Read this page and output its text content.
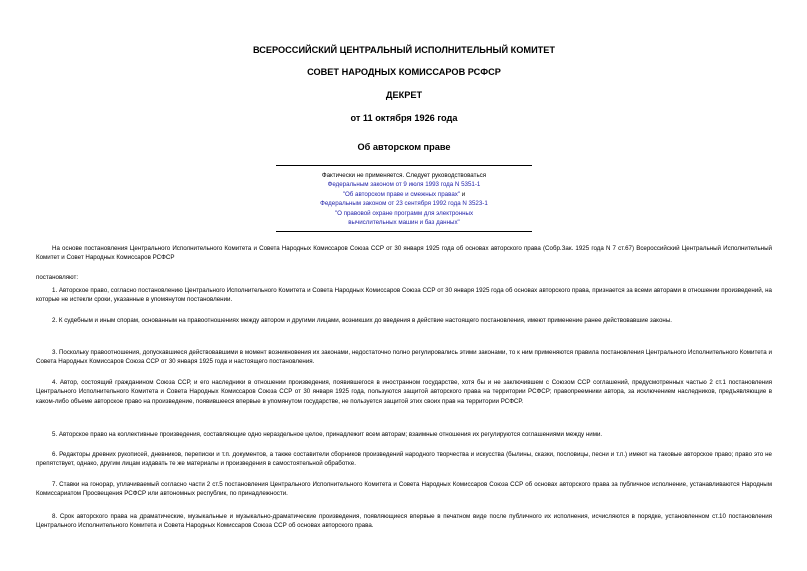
ВСЕРОССИЙСКИЙ ЦЕНТРАЛЬНЫЙ ИСПОЛНИТЕЛЬНЫЙ КОМИТЕТ
СОВЕТ НАРОДНЫХ КОМИССАРОВ РСФСР
ДЕКРЕТ
от 11 октября 1926 года
Об авторском праве
Фактически не применяется. Следует руководствоваться
Федеральным законом от 9 июля 1993 года N 5351-1
"Об авторском праве и смежных правах" и
Федеральным законом от 23 сентября 1992 года N 3523-1
"О правовой охране программ для электронных
вычислительных машин и баз данных"

На основе постановления Центрального Исполнительного Комитета и Совета Народных Комиссаров Союза ССР от 30 января 1925 года об основах авторского права (Собр.Зак. 1925 года N 7 ст.67) Всероссийский Центральный Исполнительный Комитет и Совет Народных Комиссаров РСФСР

постановляют:

1. Авторское право, согласно постановлению Центрального Исполнительного Комитета и Совета Народных Комиссаров Союза ССР от 30 января 1925 года об основах авторского права, признается за всеми авторами в отношении произведений, на которые не истекли сроки, указанные в упомянутом постановлении.

2. К судебным и иным спорам, основанным на правоотношениях между автором и другими лицами, возникших до введения в действие настоящего постановления, имеют применение ранее действовавшие законы.

3. Поскольку правоотношения, допускавшиеся действовавшими в момент возникновения их законами, недостаточно полно регулировались этими законами, то к ним применяются правила постановления Центрального Исполнительного Комитета и Совета Народных Комиссаров Союза ССР от 30 января 1925 года и настоящего постановления.

4. Автор, состоящий гражданином Союза ССР, и его наследники в отношении произведения, появившегося в иностранном государстве, хотя бы и не заключившем с Союзом ССР соглашений, предусмотренных частью 2 ст.1 постановления Центрального Исполнительного Комитета и Совета Народных Комиссаров Союза ССР от 30 января 1925 года, пользуются защитой авторского права на территории РСФСР; правопреемники автора, за исключением наследников, предъявляющие в каком-либо объеме авторское право на произведение, появившееся впервые в упомянутом государстве, не пользуется защитой этих своих прав на территории РСФСР.

5. Авторское право на коллективные произведения, составляющие одно нераздельное целое, принадлежит всем авторам; взаимные отношения их регулируются соглашениями между ними.

6. Редакторы древних рукописей, дневников, переписки и т.п. документов, а также составители сборников произведений народного творчества и искусства (былины, сказки, пословицы, песни и т.п.) имеют на таковые авторское право; право это не препятствует, однако, другим лицам издавать те же материалы и произведения в самостоятельной обработке.

7. Ставки на гонорар, уплачиваемый согласно части 2 ст.5 постановления Центрального Исполнительного Комитета и Совета Народных Комиссаров Союза ССР об основах авторского права за публичное исполнение, устанавливаются Народным Комиссариатом Просвещения РСФСР или автономных республик, по принадлежности.

8. Срок авторского права на драматические, музыкальные и музыкально-драматические произведения, появляющиеся впервые в печатном виде после публичного их исполнения, исчисляются в порядке, установленном ст.10 постановления Центрального Исполнительного Комитета и Совета Народных Комиссаров Союза ССР об основах авторского права.
